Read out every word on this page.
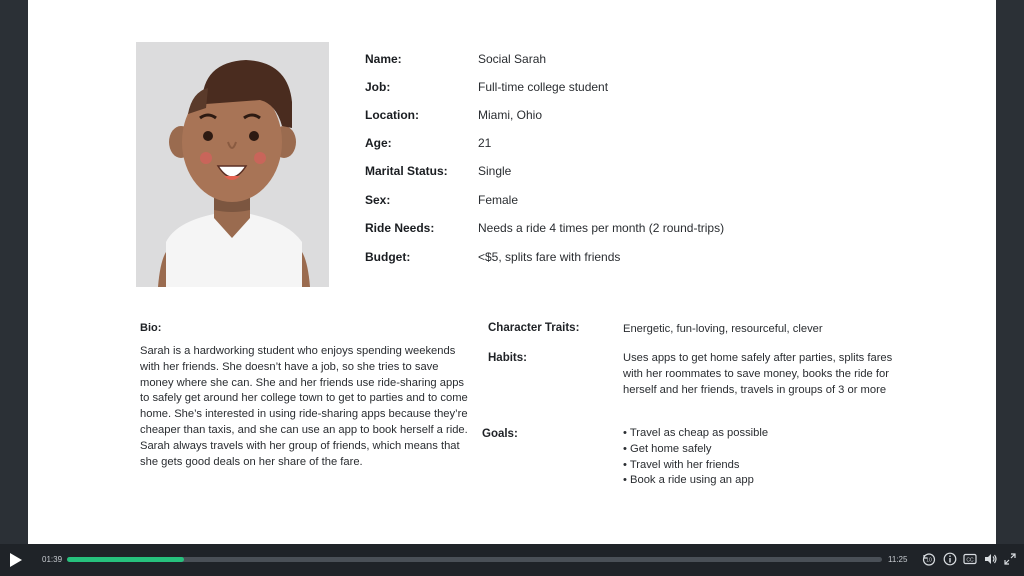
Bio:

Sarah is a hardworking student who enjoys spending weekends with her friends. She doesn’t have a job, so she tries to save money where she can. She and her friends use ride-sharing apps to safely get around her college town to get to parties and to come home. She’s interested in using ride-sharing apps because they’re cheaper than taxis, and she can use an app to book herself a ride. Sarah always travels with her group of friends, which means that she gets good deals on her share of the fare.

Character Traits:	Energetic, fun-loving, resourceful, clever
Habits:	Uses apps to get home safely after parties, splits fares with her roommates to save money, books the ride for herself and her friends, travels in groups of 3 or more
Goals:
•	Travel as cheap as possible
• Get home safely
• Travel with her friends
• Book a ride using an app
Name:	Social Sarah
Job:	Full-time college student
Location:	Miami, Ohio
Age:	21
Marital Status:	Single
Sex:	Female
Ride Needs:	Needs a ride 4 times per month (2 round-trips)
Budget:	<$5, splits fare with friends
01:39	11:25	10	CC
